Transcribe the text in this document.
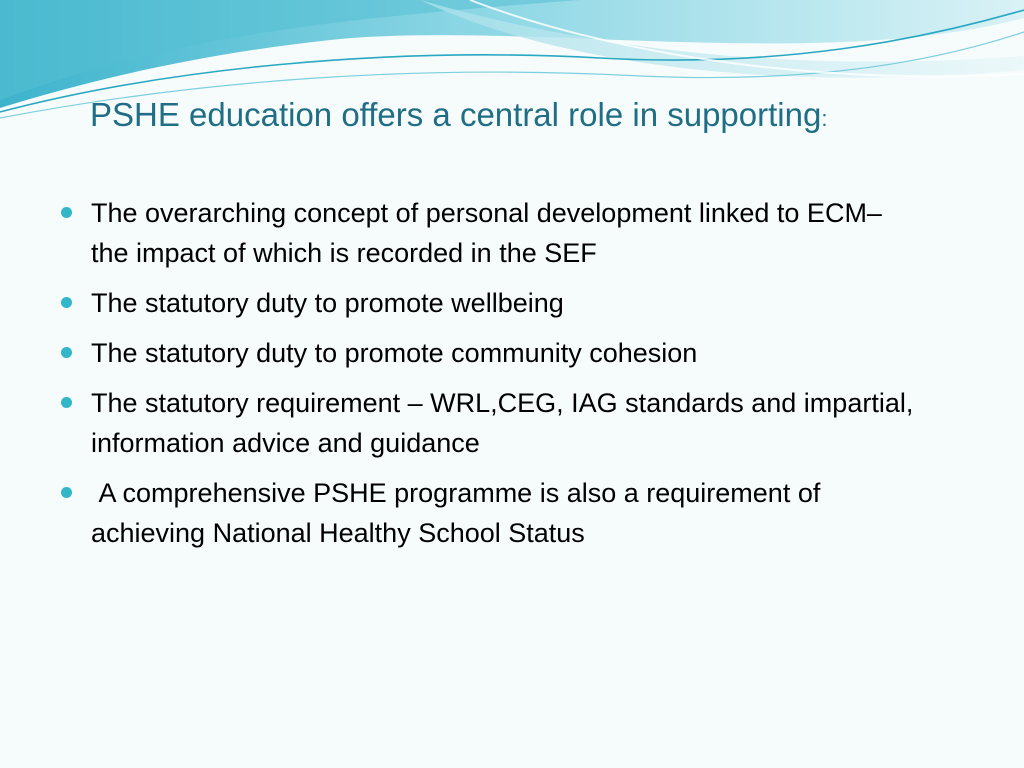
PSHE education offers a central role in supporting:
The overarching concept of personal development linked to ECM– the impact of which is recorded in the SEF
The statutory duty to promote wellbeing
The statutory duty to promote community cohesion
The statutory requirement – WRL,CEG, IAG standards and impartial, information advice and guidance
A comprehensive PSHE programme is also a requirement of achieving National Healthy School Status
